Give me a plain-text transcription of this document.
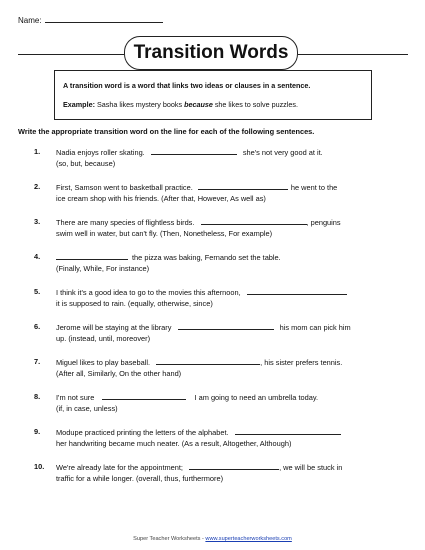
Name:
Transition Words

A transition word is a word that links two ideas or clauses in a sentence.

Example: Sasha likes mystery books because she likes to solve puzzles.

Write the appropriate transition word on the line for each of the following sentences.
1. Nadia enjoys roller skating.	she's not very good at it.
(so, but, because)
2. First, Samson went to basketball practice.	he went to the
ice cream shop with his friends. (After that, However, As well as)
3. There are many species of flightless birds.	, penguins
swim well in water, but can't fly. (Then, Nonetheless, For example)
4.	the pizza was baking, Fernando set the table.
(Finally, While, For instance)
5. I think it's a good idea to go to the movies this afternoon,
it is supposed to rain. (equally, otherwise, since)
6. Jerome will be staying at the library	his mom can pick him
up. (instead, until, moreover)
7. Miguel likes to play baseball.	, his sister prefers tennis.
(After all, Similarly, On the other hand)
8. I'm not sure	I am going to need an umbrella today.
(if, in case, unless)
9. Modupe practiced printing the letters of the alphabet.
her handwriting became much neater. (As a result, Altogether, Although)
10. We're already late for the appointment;	, we will be stuck in
traffic for a while longer. (overall, thus, furthermore)
Super Teacher Worksheets - www.superteacherworksheets.com
